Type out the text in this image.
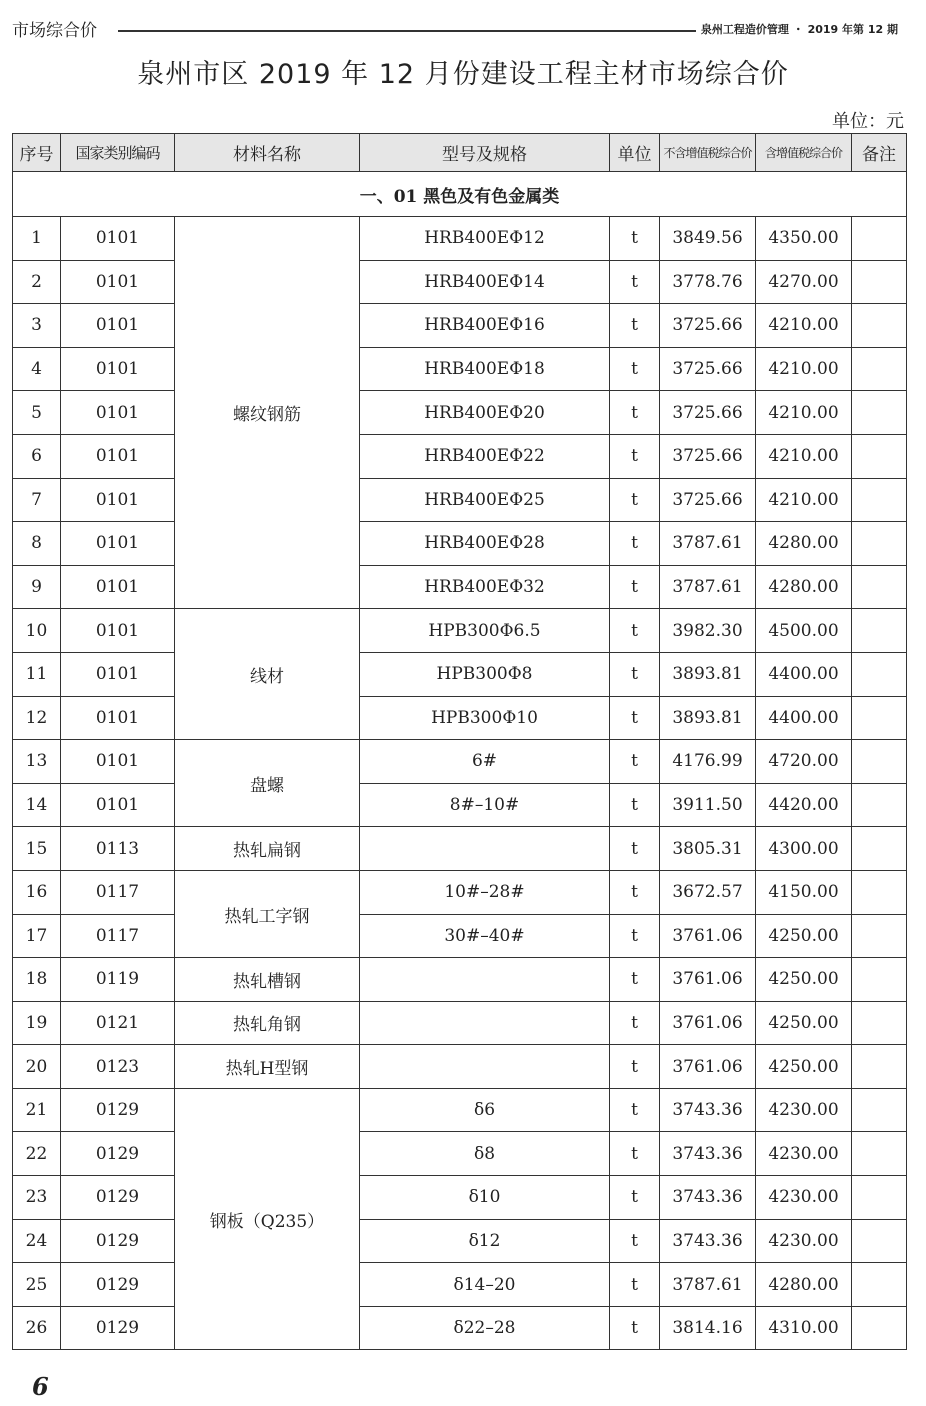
市场综合价	泉州工程造价管理 ・ 2019 年第 12 期
泉州市区 2019 年 12 月份建设工程主材市场综合价
单位：元
序号	国家类别编码	材料名称	型号及规格	单位	不含增值税综合价	含增值税综合价	备注
一、01 黑色及有色金属类							
1	0101	螺纹钢筋	HRB400EΦ12	t	3849.56	4350.00	
2	0101		HRB400EΦ14	t	3778.76	4270.00	
3	0101		HRB400EΦ16	t	3725.66	4210.00	
4	0101		HRB400EΦ18	t	3725.66	4210.00	
5	0101		HRB400EΦ20	t	3725.66	4210.00	
6	0101		HRB400EΦ22	t	3725.66	4210.00	
7	0101		HRB400EΦ25	t	3725.66	4210.00	
8	0101		HRB400EΦ28	t	3787.61	4280.00	
9	0101		HRB400EΦ32	t	3787.61	4280.00	
10	0101	线材	HPB300Φ6.5	t	3982.30	4500.00	
11	0101		HPB300Φ8	t	3893.81	4400.00	
12	0101		HPB300Φ10	t	3893.81	4400.00	
13	0101	盘螺	6#	t	4176.99	4720.00	
14	0101		8#–10#	t	3911.50	4420.00	
15	0113	热轧扁钢		t	3805.31	4300.00	
16	0117	热轧工字钢	10#–28#	t	3672.57	4150.00	
17	0117		30#–40#	t	3761.06	4250.00	
18	0119	热轧槽钢		t	3761.06	4250.00	
19	0121	热轧角钢		t	3761.06	4250.00	
20	0123	热轧H型钢		t	3761.06	4250.00	
21	0129	钢板（Q235）	δ6	t	3743.36	4230.00	
22	0129		δ8	t	3743.36	4230.00	
23	0129		δ10	t	3743.36	4230.00	
24	0129		δ12	t	3743.36	4230.00	
25	0129		δ14–20	t	3787.61	4280.00	
26	0129		δ22–28	t	3814.16	4310.00	
6
